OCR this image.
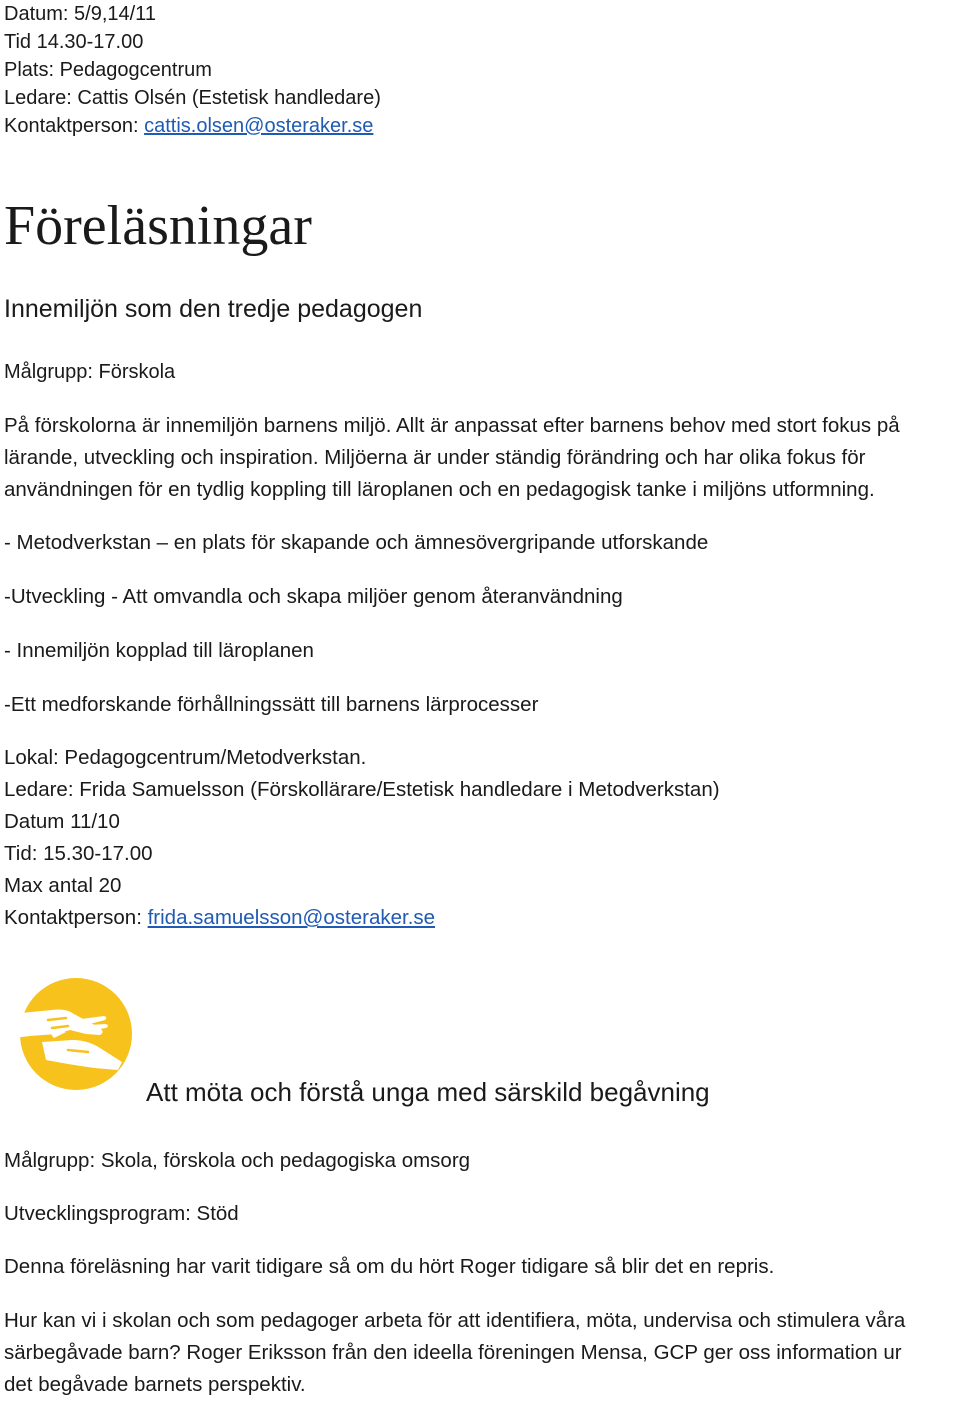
Datum: 5/9,14/11
Tid 14.30-17.00
Plats: Pedagogcentrum
Ledare: Cattis Olsén (Estetisk handledare)
Kontaktperson: cattis.olsen@osteraker.se
Föreläsningar
Innemiljön som den tredje pedagogen
Målgrupp: Förskola
På förskolorna är innemiljön barnens miljö. Allt är anpassat efter barnens behov med stort fokus på lärande, utveckling och inspiration. Miljöerna är under ständig förändring och har olika fokus för användningen för en tydlig koppling till läroplanen och en pedagogisk tanke i miljöns utformning.
- Metodverkstan – en plats för skapande och ämnesövergripande utforskande
-Utveckling - Att omvandla och skapa miljöer genom återanvändning
- Innemiljön kopplad till läroplanen
-Ett medforskande förhållningssätt till barnens lärprocesser
Lokal: Pedagogcentrum/Metodverkstan.
Ledare: Frida Samuelsson (Förskollärare/Estetisk handledare i Metodverkstan)
Datum 11/10
Tid: 15.30-17.00
Max antal 20
Kontaktperson: frida.samuelsson@osteraker.se
Att möta och förstå unga med särskild begåvning
Målgrupp: Skola, förskola och pedagogiska omsorg
Utvecklingsprogram: Stöd
Denna föreläsning har varit tidigare så om du hört Roger tidigare så blir det en repris.
Hur kan vi i skolan och som pedagoger arbeta för att identifiera, möta, undervisa och stimulera våra särbegåvade barn? Roger Eriksson från den ideella föreningen Mensa, GCP ger oss information ur det begåvade barnets perspektiv.
